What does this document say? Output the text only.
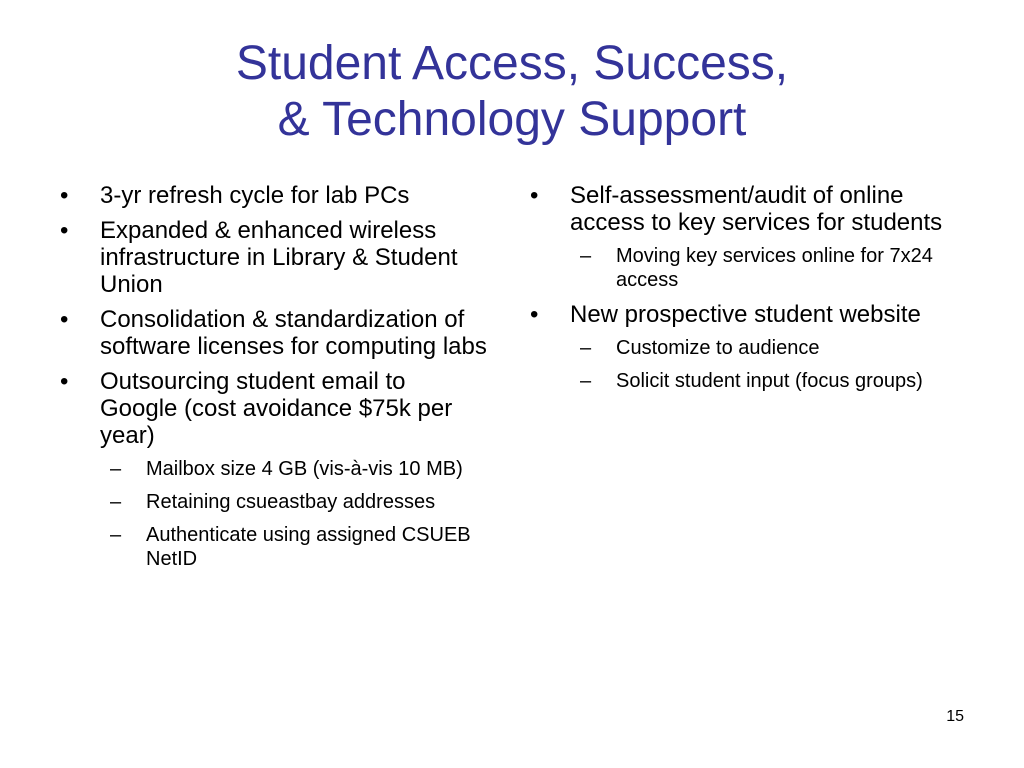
Student Access, Success,
& Technology Support
• 3-yr refresh cycle for lab PCs
• Expanded & enhanced wireless infrastructure in Library & Student Union
• Consolidation & standardization of software licenses for computing labs
• Outsourcing student email to Google (cost avoidance $75k per year)
– Mailbox size 4 GB (vis-à-vis 10 MB)
– Retaining csueastbay addresses
– Authenticate using assigned CSUEB NetID
• Self-assessment/audit of online access to key services for students
– Moving key services online for 7x24 access
• New prospective student website
– Customize to audience
– Solicit student input (focus groups)
15
